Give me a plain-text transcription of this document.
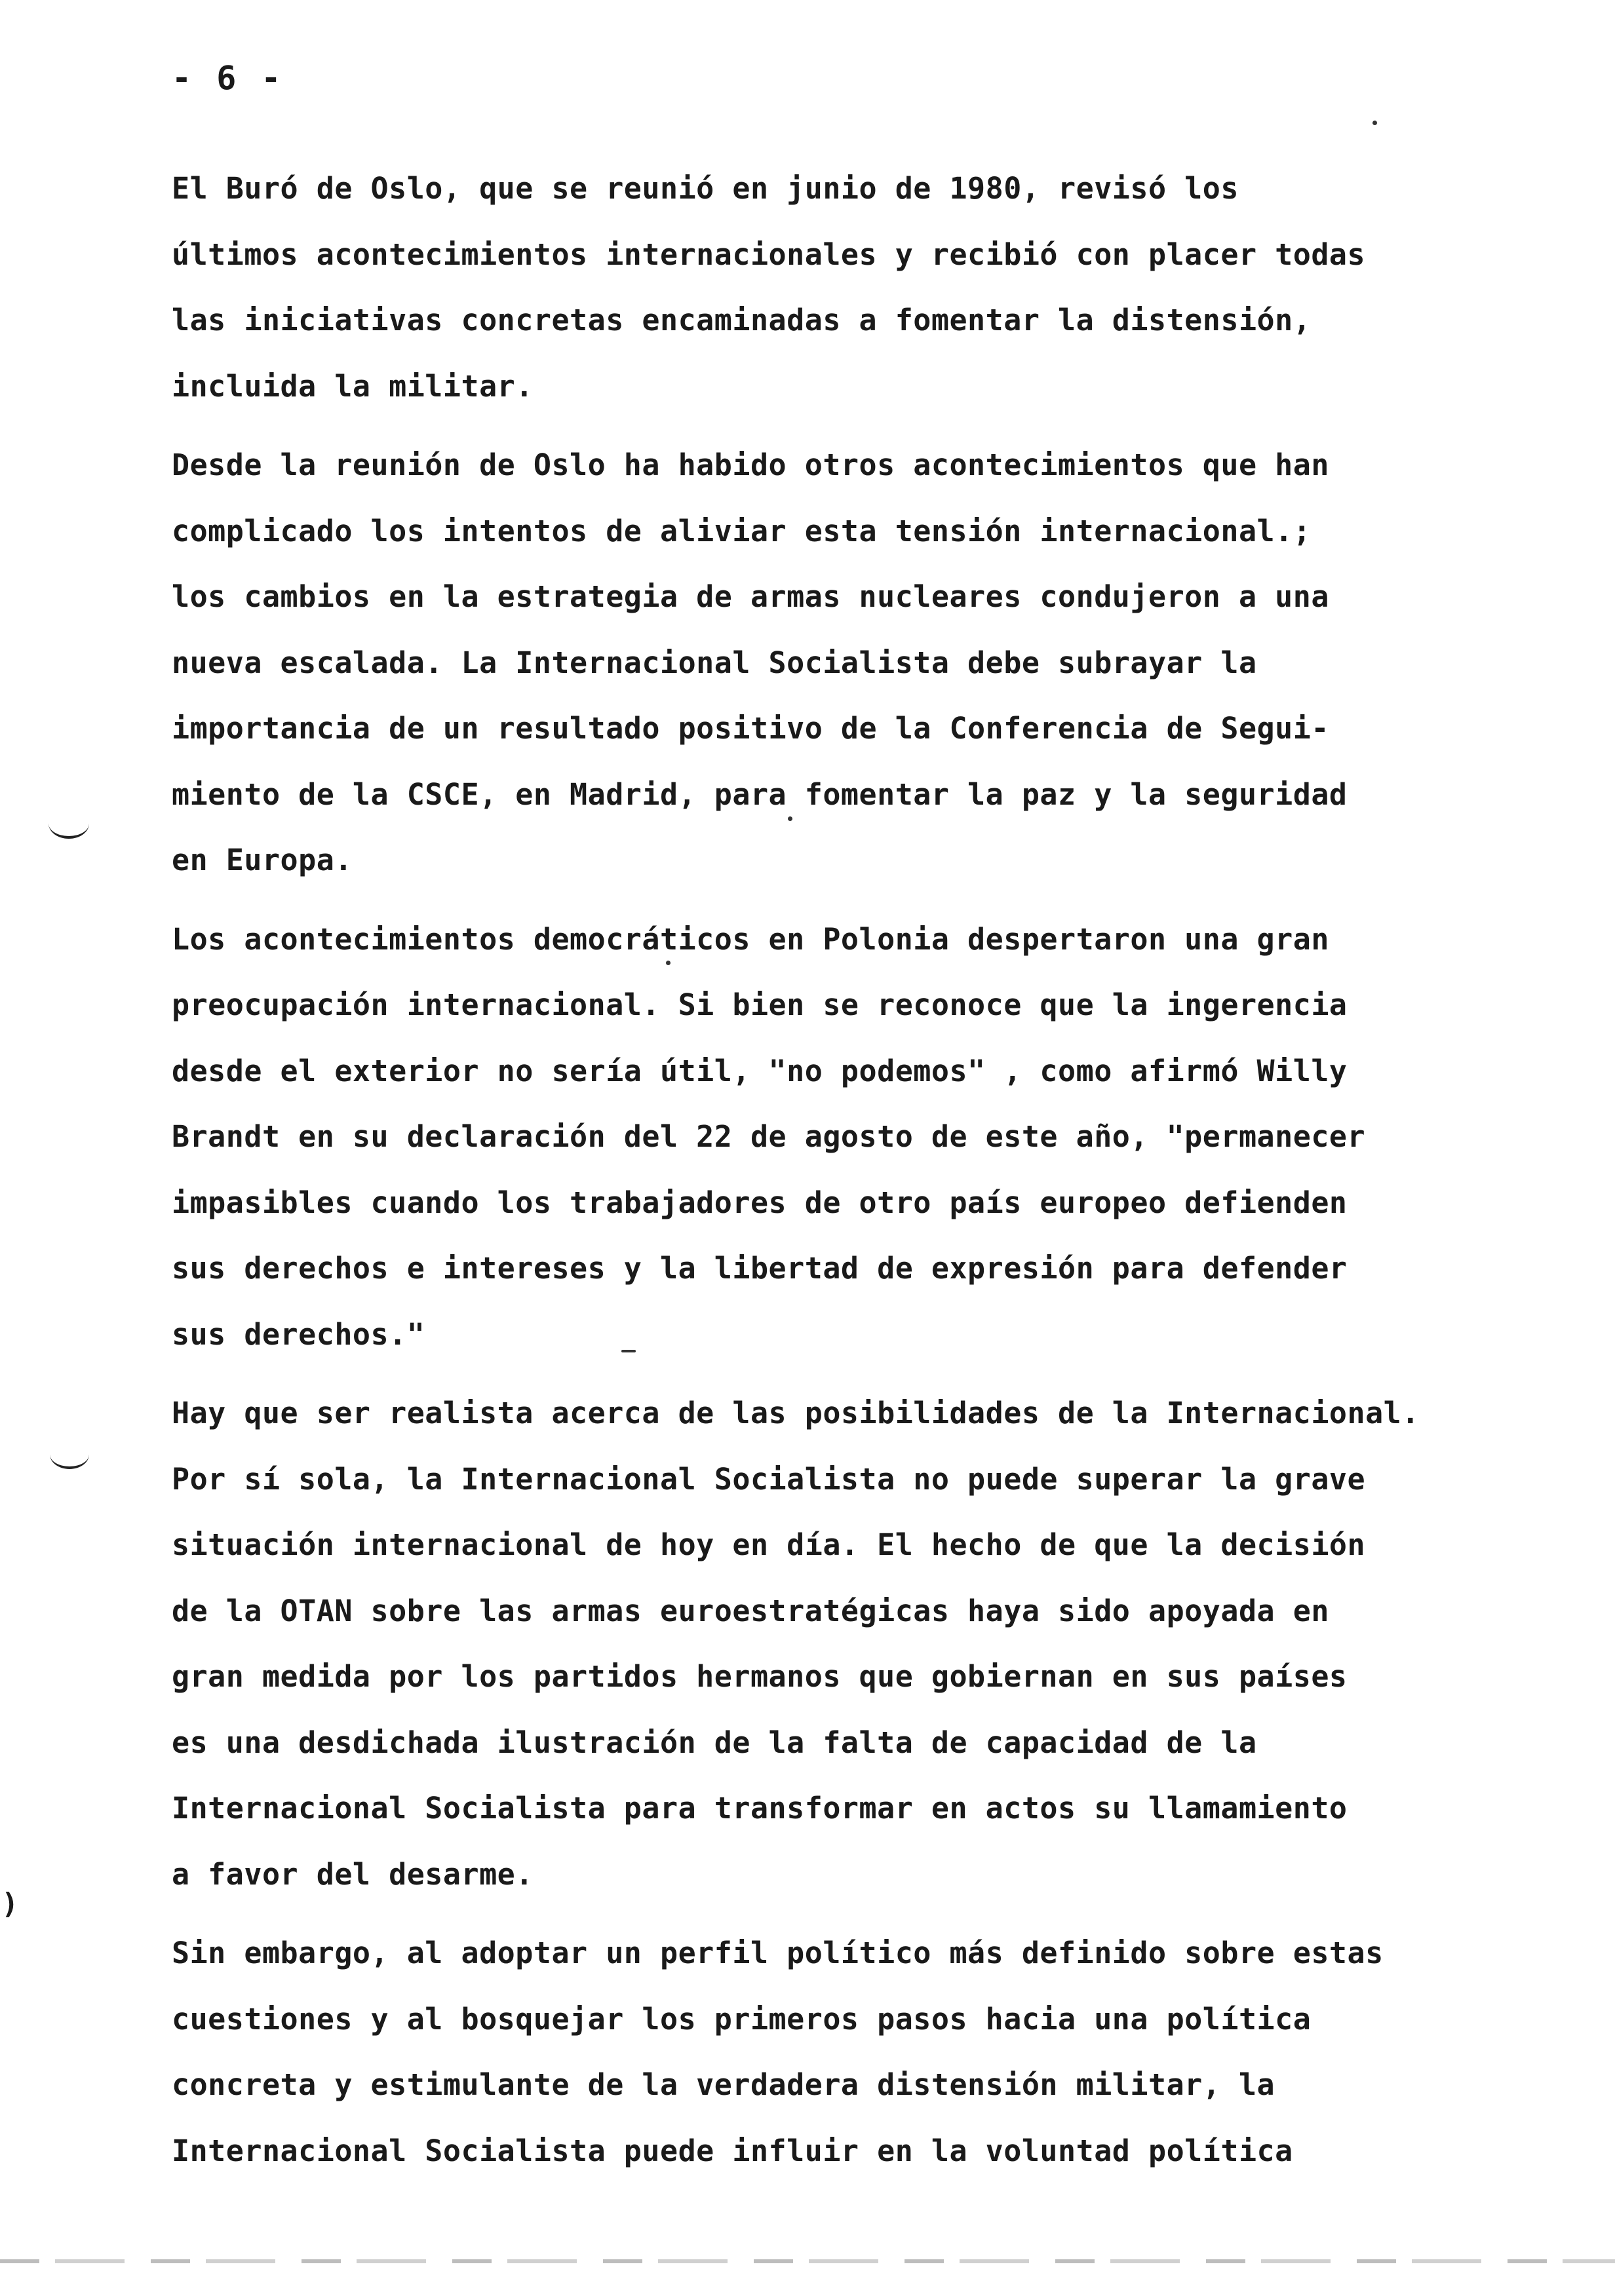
- 6 -

El Buró de Oslo, que se reunió en junio de 1980, revisó los
últimos acontecimientos internacionales y recibió con placer todas
las iniciativas concretas encaminadas a fomentar la distensión,
incluida la militar.

Desde la reunión de Oslo ha habido otros acontecimientos que han
complicado los intentos de aliviar esta tensión internacional.;
los cambios en la estrategia de armas nucleares condujeron a una
nueva escalada. La Internacional Socialista debe subrayar la
importancia de un resultado positivo de la Conferencia de Segui-
miento de la CSCE, en Madrid, para fomentar la paz y la seguridad
en Europa.

Los acontecimientos democráticos en Polonia despertaron una gran
preocupación internacional. Si bien se reconoce que la ingerencia
desde el exterior no sería útil, "no podemos" , como afirmó Willy
Brandt en su declaración del 22 de agosto de este año, "permanecer
impasibles cuando los trabajadores de otro país europeo defienden
sus derechos e intereses y la libertad de expresión para defender
sus derechos."

Hay que ser realista acerca de las posibilidades de la Internacional.
Por sí sola, la Internacional Socialista no puede superar la grave
situación internacional de hoy en día. El hecho de que la decisión
de la OTAN sobre las armas euroestratégicas haya sido apoyada en
gran medida por los partidos hermanos que gobiernan en sus países
es una desdichada ilustración de la falta de capacidad de la
Internacional Socialista para transformar en actos su llamamiento
a favor del desarme.

Sin embargo, al adoptar un perfil político más definido sobre estas
cuestiones y al bosquejar los primeros pasos hacia una política
concreta y estimulante de la verdadera distensión militar, la
Internacional Socialista puede influir en la voluntad política

)
